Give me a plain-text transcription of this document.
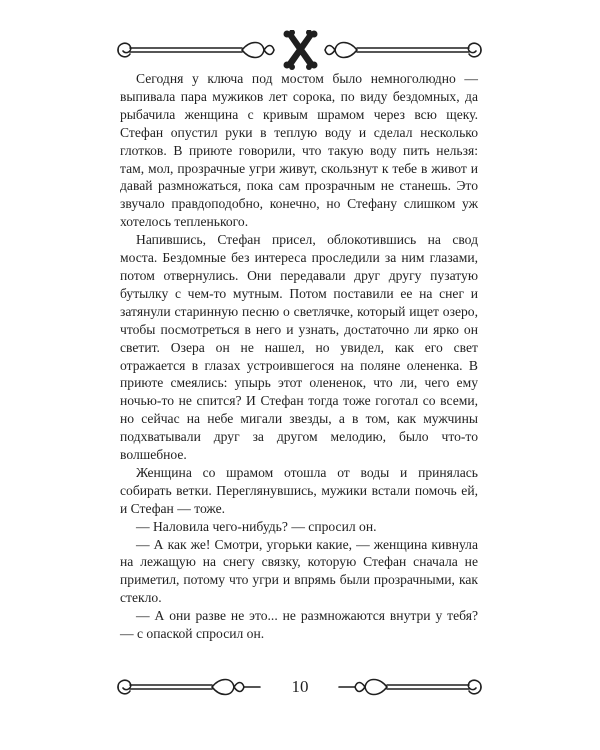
Сегодня у ключа под мостом было немноголюдно — выпивала пара мужиков лет сорока, по виду бездомных, да рыбачила женщина с кривым шрамом через всю щеку. Стефан опустил руки в теплую воду и сделал несколько глотков. В приюте говорили, что такую воду пить нельзя: там, мол, прозрачные угри живут, скользнут к тебе в живот и давай размножаться, пока сам прозрачным не станешь. Это звучало правдоподобно, конечно, но Стефану слишком уж хотелось тепленького.

Напившись, Стефан присел, облокотившись на свод моста. Бездомные без интереса проследили за ним глазами, потом отвернулись. Они передавали друг другу пузатую бутылку с чем-то мутным. Потом поставили ее на снег и затянули старинную песню о светлячке, который ищет озеро, чтобы посмотреться в него и узнать, достаточно ли ярко он светит. Озера он не нашел, но увидел, как его свет отражается в глазах устроившегося на поляне олененка. В приюте смеялись: упырь этот олененок, что ли, чего ему ночью-то не спится? И Стефан тогда тоже гоготал со всеми, но сейчас на небе мигали звезды, а в том, как мужчины подхватывали друг за другом мелодию, было что-то волшебное.

Женщина со шрамом отошла от воды и принялась собирать ветки. Переглянувшись, мужики встали помочь ей, и Стефан — тоже.

— Наловила чего-нибудь? — спросил он.

— А как же! Смотри, угорьки какие, — женщина кивнула на лежащую на снегу связку, которую Стефан сначала не приметил, потому что угри и впрямь были прозрачными, как стекло.

— А они разве не это... не размножаются внутри у тебя? — с опаской спросил он.

10
